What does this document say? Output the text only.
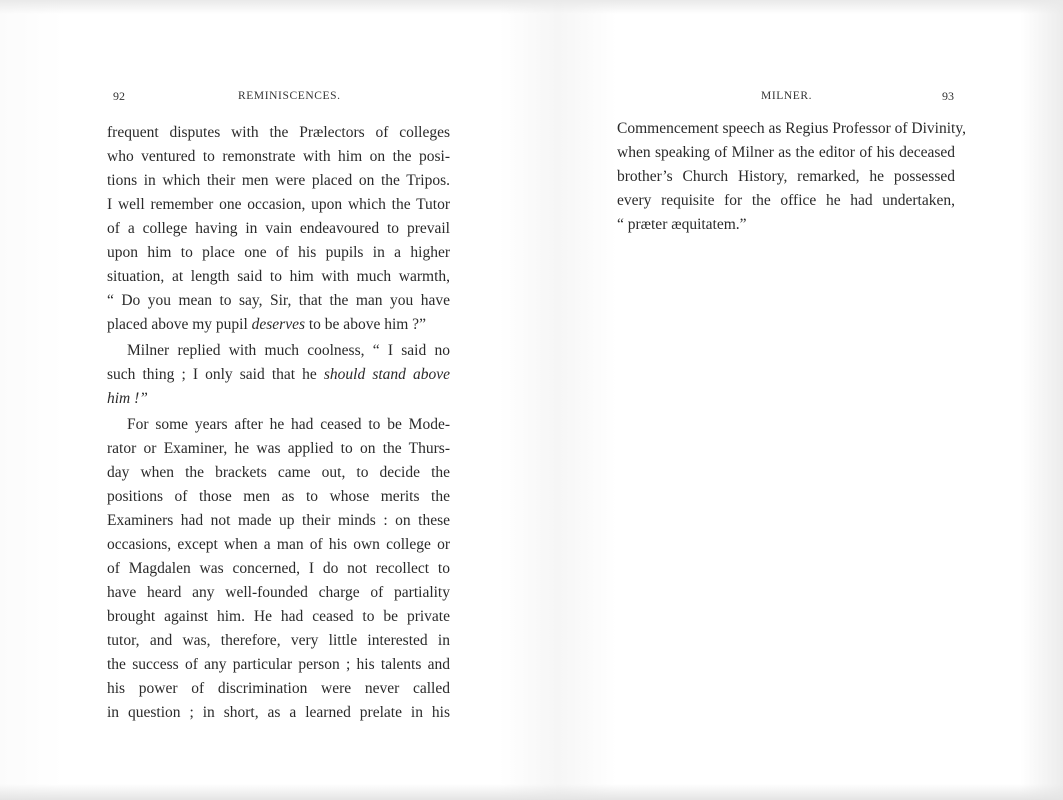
92	REMINISCENCES.
frequent disputes with the Prælectors of colleges
who ventured to remonstrate with him on the posi-
tions in which their men were placed on the Tripos.
I well remember one occasion, upon which the Tutor
of a college having in vain endeavoured to prevail
upon him to place one of his pupils in a higher
situation, at length said to him with much warmth,
“ Do you mean to say, Sir, that the man you have
placed above my pupil deserves to be above him ?”
Milner replied with much coolness, “ I said no
such thing ; I only said that he should stand above
him !”
For some years after he had ceased to be Mode-
rator or Examiner, he was applied to on the Thurs-
day when the brackets came out, to decide the
positions of those men as to whose merits the
Examiners had not made up their minds : on these
occasions, except when a man of his own college or
of Magdalen was concerned, I do not recollect to
have heard any well-founded charge of partiality
brought against him. He had ceased to be private
tutor, and was, therefore, very little interested in
the success of any particular person ; his talents and
his power of discrimination were never called
in question ; in short, as a learned prelate in his
MILNER.	93
Commencement speech as Regius Professor of Divinity,
when speaking of Milner as the editor of his deceased
brother’s Church History, remarked, he possessed
every requisite for the office he had undertaken,
“ præter æquitatem.”
